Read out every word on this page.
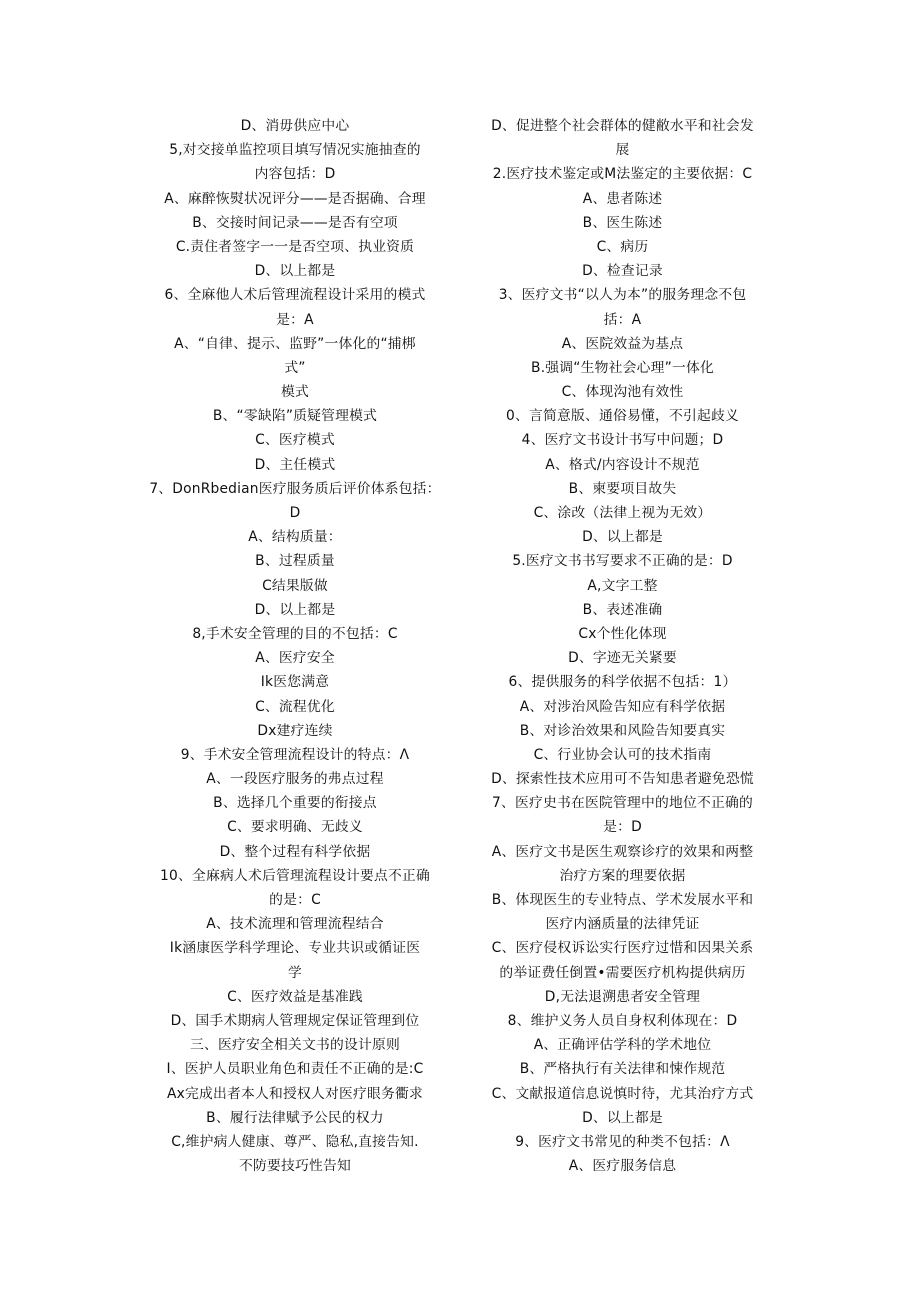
D、消毋供应中心
5,对交接单监控项目填写情况实施抽查的
内容包括：D
A、麻醉恢熨状况评分——是否据确、合理
B、交接时间记录——是否有空项
C.责住者签字一一是否空项、执业资质
D、以上都是
6、全麻他人术后管理流程设计采用的模式
是：A
A、“自律、提示、监野”一体化的“捕梆
式”
模式
B、“零缺陷”质疑管理模式
C、医疗模式
D、主任模式
7、DonRbedian医疗服务质后评价体系包括：
D
A、结构质量：
B、过程质量
C结果版做
D、以上都是
8,手术安全管理的目的不包括：C
A、医疗安全
Ik医您满意
C、流程优化
Dx建疗连续
9、手术安全管理流程设计的特点：Λ
A、一段医疗服务的弗点过程
B、选择几个重要的衔接点
C、要求明确、无歧义
D、整个过程有科学依据
10、全麻病人术后管理流程设计要点不正确
的是：C
A、技术流理和管理流程结合
Ik涵康医学科学理论、专业共识或循证医
学
C、医疗效益是基准践
D、国手术期病人管理规定保证管理到位
三、医疗安全相关文书的设计原则
I、医护人员职业角色和责任不正确的是:C
Ax完成出者本人和授权人对医疗眼务衢求
B、履行法律赋予公民的权力
C,维护病人健康、尊严、隐私,直接告知.
不防要技巧性告知
D、促进整个社会群体的健敝水平和社会发
展
2.医疗技术鉴定或M法鉴定的主要依据：C
A、患者陈述
B、医生陈述
C、病历
D、检查记录
3、医疗文书“以人为本”的服务理念不包
括：A
A、医院效益为基点
B.强调“生物社会心理”一体化
C、体现沟池有效性
0、言简意版、通俗易懂，不引起歧义
4、医疗文书设计书写中问题；D
A、格式/内容设计不规范
B、柬要项目故失
C、涂改（法律上视为无效）
D、以上都是
5.医疗文书书写要求不正确的是：D
A,文字工整
B、表述准确
Cx个性化体现
D、字迹无关紧要
6、提供服务的科学依据不包括：1）
A、对涉治风险告知应有科学依据
B、对诊治效果和风险告知要真实
C、行业协会认可的技术指南
D、探索性技术应用可不告知患者避免恐慌
7、医疗史书在医院管理中的地位不正确的
是：D
A、医疗文书是医生观察诊疗的效果和两整
治疗方案的理要依据
B、体现医生的专业特点、学术发展水平和
医疗内涵质量的法律凭证
C、医疗侵权诉讼实行医疗过惜和因果关系
的举证费任倒置•需要医疗机构提供病历
D,无法退溯患者安全管理
8、维护义务人员自身权利体现在：D
A、正确评估学科的学术地位
B、严格执行有关法律和悚作规范
C、文献报道信息说慎时待，尤其治疗方式
D、以上都是
9、医疗文书常见的种类不包括：Λ
A、医疗服务信息
